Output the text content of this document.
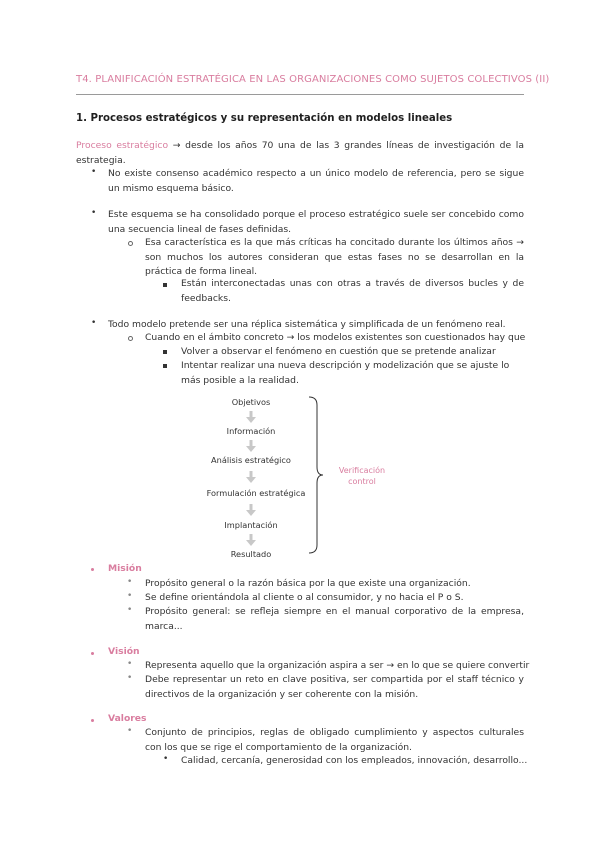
T4. PLANIFICACIÓN ESTRATÉGICA EN LAS ORGANIZACIONES COMO SUJETOS COLECTIVOS (II)
1. Procesos estratégicos y su representación en modelos lineales
Proceso estratégico → desde los años 70 una de las 3 grandes líneas de investigación de la estrategia.
• No existe consenso académico respecto a un único modelo de referencia, pero se sigue un mismo esquema básico.
• Este esquema se ha consolidado porque el proceso estratégico suele ser concebido como una secuencia lineal de fases definidas.
Esa característica es la que más críticas ha concitado durante los últimos años → son muchos los autores consideran que estas fases no se desarrollan en la práctica de forma lineal.
Están interconectadas unas con otras a través de diversos bucles y de feedbacks.
• Todo modelo pretende ser una réplica sistemática y simplificada de un fenómeno real.
Cuando en el ámbito concreto → los modelos existentes son cuestionados hay que
Volver a observar el fenómeno en cuestión que se pretende analizar
Intentar realizar una nueva descripción y modelización que se ajuste lo más posible a la realidad.
Objetivos
Información
Análisis estratégico
Formulación estratégica
Implantación
Resultado
Verificación
control
Misión
• Propósito general o la razón básica por la que existe una organización.
• Se define orientándola al cliente o al consumidor, y no hacia el P o S.
• Propósito general: se refleja siempre en el manual corporativo de la empresa, marca...
Visión
• Representa aquello que la organización aspira a ser → en lo que se quiere convertir
• Debe representar un reto en clave positiva, ser compartida por el staff técnico y directivos de la organización y ser coherente con la misión.
Valores
• Conjunto de principios, reglas de obligado cumplimiento y aspectos culturales con los que se rige el comportamiento de la organización.
• Calidad, cercanía, generosidad con los empleados, innovación, desarrollo...
